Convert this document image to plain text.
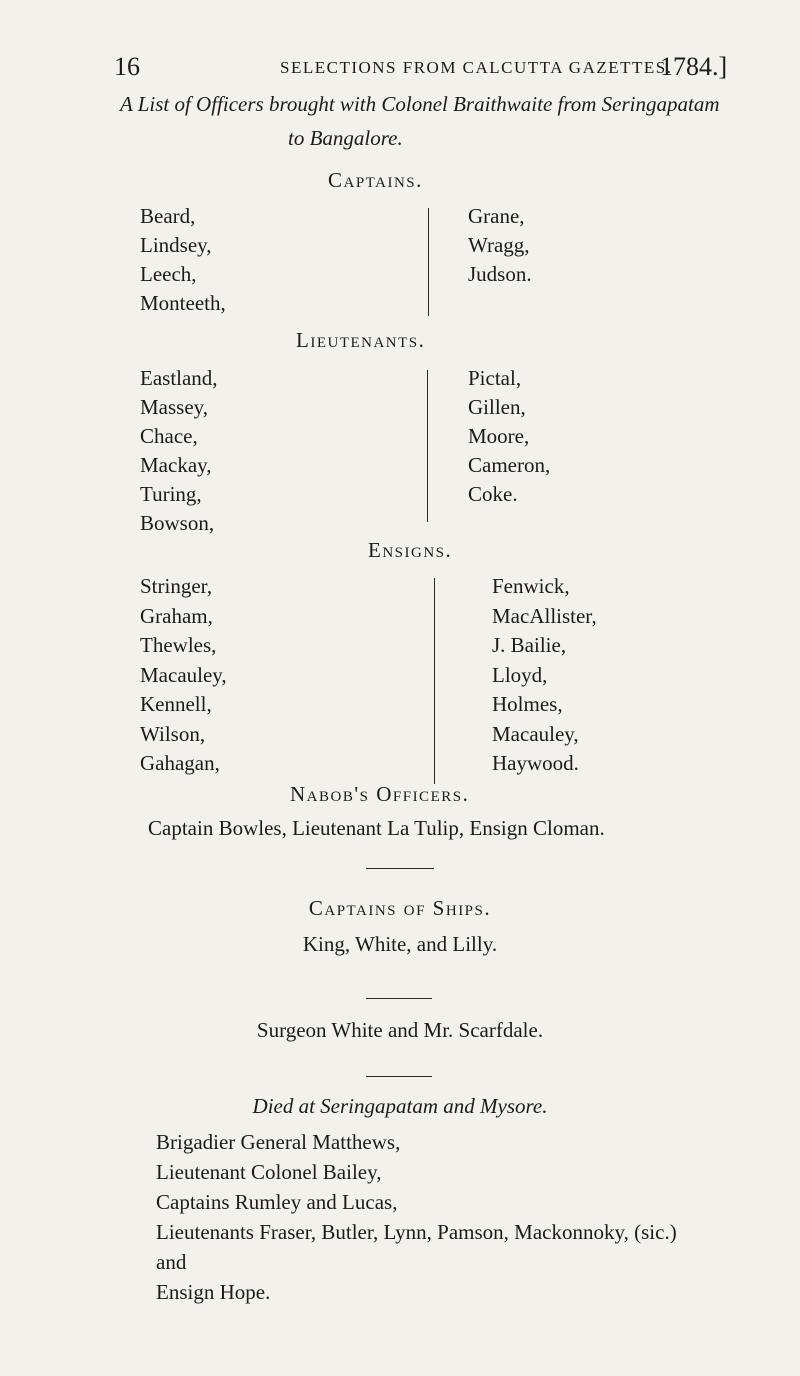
16	SELECTIONS FROM CALCUTTA GAZETTES.
1784.]
A List of Officers brought with Colonel Braithwaite from Seringapatam
to Bangalore.
Captains.
Beard,
Lindsey,
Leech,
Monteeth,
Grane,
Wragg,
Judson.
Lieutenants.
Eastland,
Massey,
Chace,
Mackay,
Turing,
Bowson,
Pictal,
Gillen,
Moore,
Cameron,
Coke.
Ensigns.
Stringer,
Graham,
Thewles,
Macauley,
Kennell,
Wilson,
Gahagan,
Fenwick,
MacAllister,
J. Bailie,
Lloyd,
Holmes,
Macauley,
Haywood.
Nabob's Officers.
Captain Bowles, Lieutenant La Tulip, Ensign Cloman.
Captains of Ships.
King, White, and Lilly.
Surgeon White and Mr. Scarfdale.
Died at Seringapatam and Mysore.
Brigadier General Matthews,
Lieutenant Colonel Bailey,
Captains Rumley and Lucas,
Lieutenants Fraser, Butler, Lynn, Pamson, Mackonnoky, (sic.)
and
Ensign Hope.
